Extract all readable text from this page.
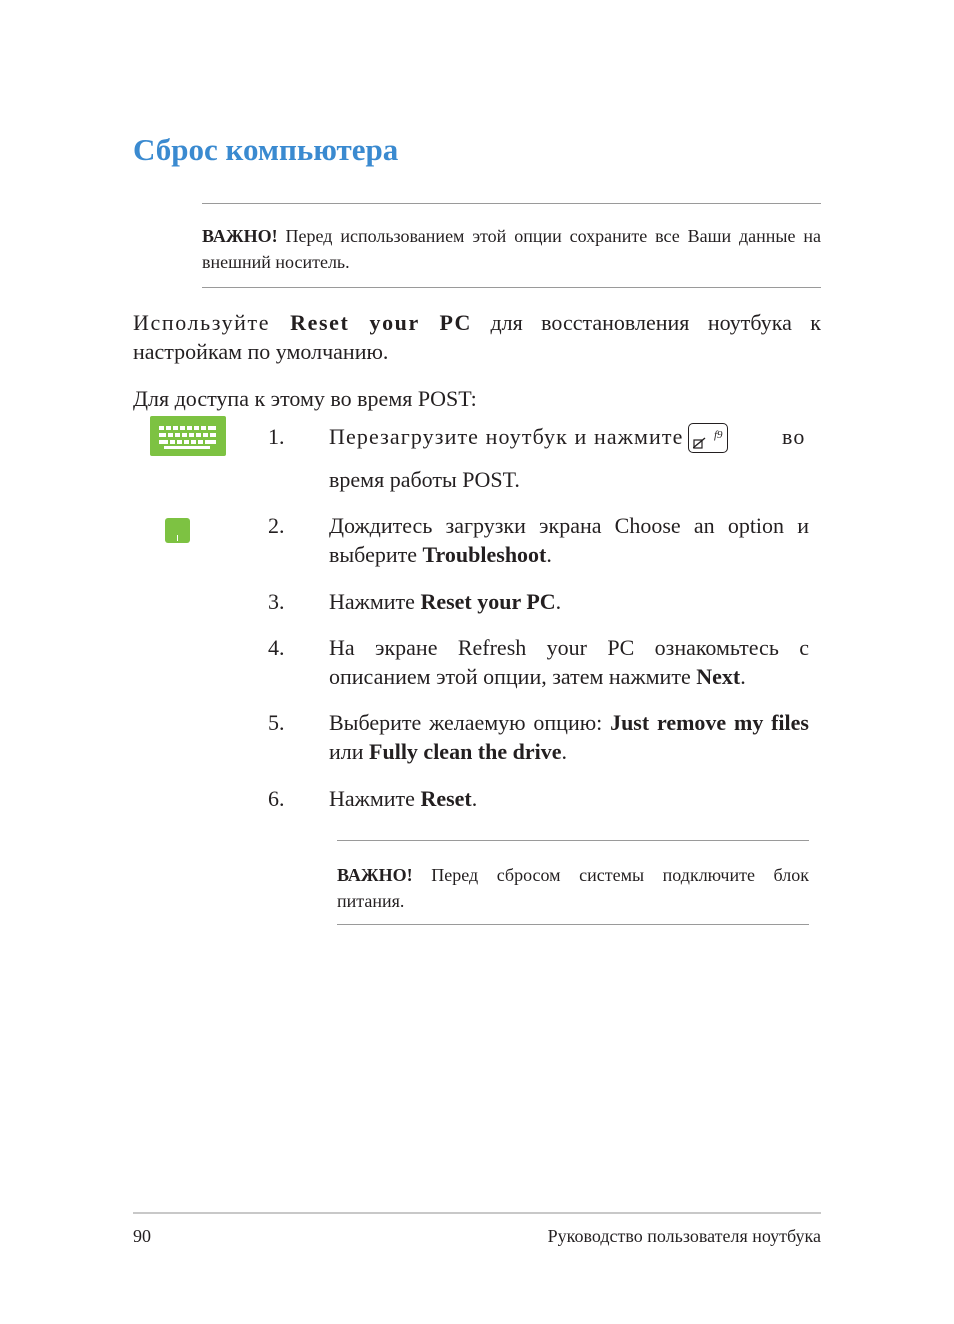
Сброс компьютера

ВАЖНО! Перед использованием этой опции сохраните все Ваши данные на внешний носитель.

Используйте Reset your PC для восстановления ноутбука к настройкам по умолчанию.

Для доступа к этому во время POST:

1. Перезагрузите ноутбук и нажмите	f9	во

время работы POST.

2. Дождитесь загрузки экрана Choose an option и выберите Troubleshoot.

3. Нажмите Reset your PC.

4. На экране Refresh your PC ознакомьтесь с описанием этой опции, затем нажмите Next.

5. Выберите желаемую опцию: Just remove my files или Fully clean the drive.

6. Нажмите Reset.

ВАЖНО! Перед сбросом системы подключите блок питания.

90	Руководство пользователя ноутбука
